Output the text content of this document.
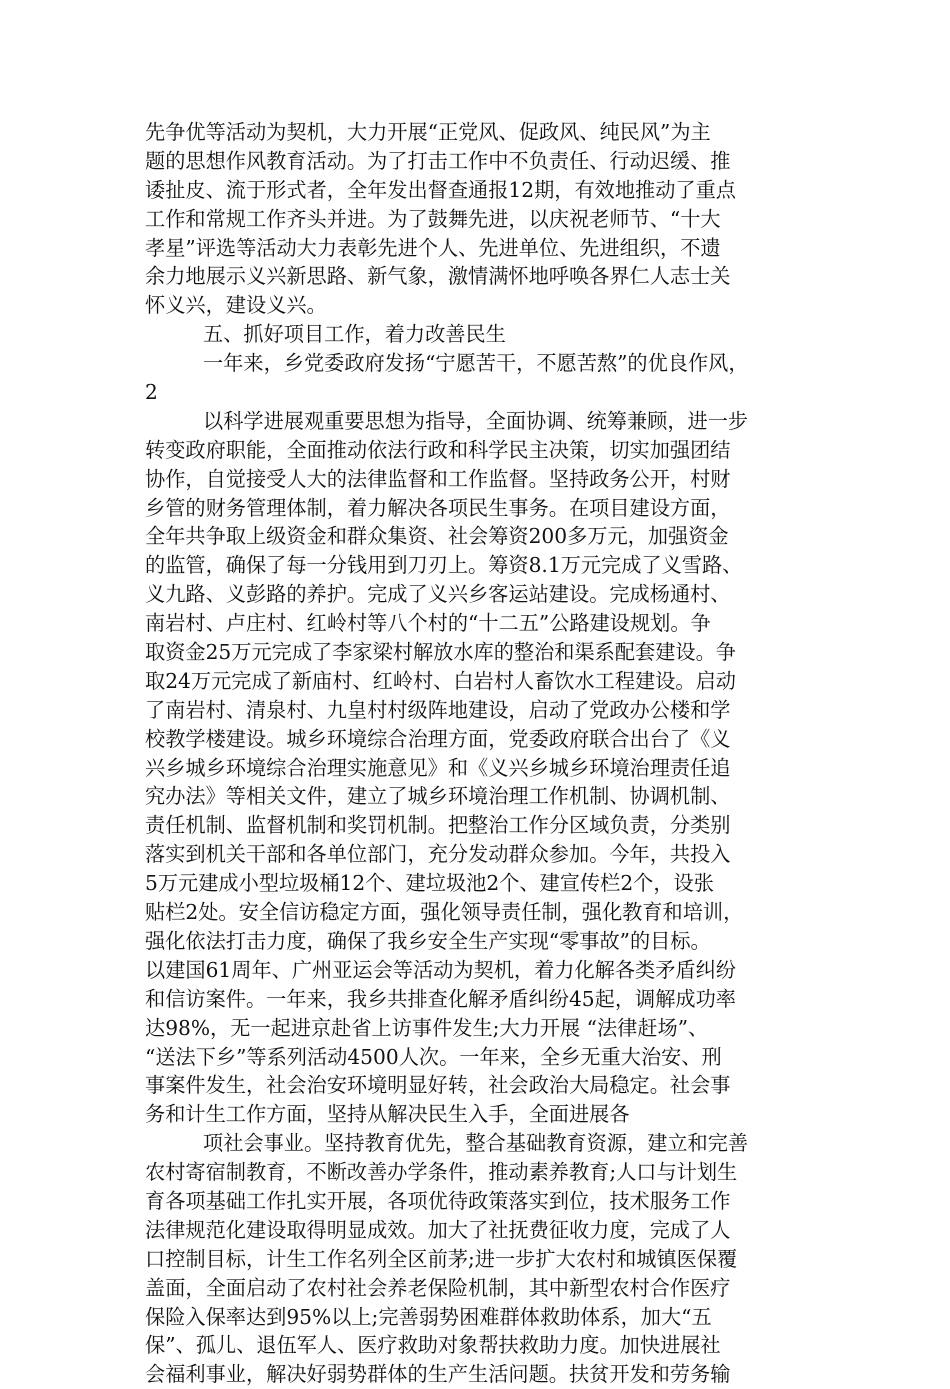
先争优等活动为契机，大力开展“正党风、促政风、纯民风”为主
题的思想作风教育活动。为了打击工作中不负责任、行动迟缓、推
诿扯皮、流于形式者，全年发出督查通报12期，有效地推动了重点
工作和常规工作齐头并进。为了鼓舞先进，以庆祝老师节、“十大
孝星”评选等活动大力表彰先进个人、先进单位、先进组织，不遗
余力地展示义兴新思路、新气象，激情满怀地呼唤各界仁人志士关
怀义兴，建设义兴。
五、抓好项目工作，着力改善民生
一年来，乡党委政府发扬“宁愿苦干，不愿苦熬”的优良作风，
2
以科学进展观重要思想为指导，全面协调、统筹兼顾，进一步
转变政府职能，全面推动依法行政和科学民主决策，切实加强团结
协作，自觉接受人大的法律监督和工作监督。坚持政务公开，村财
乡管的财务管理体制，着力解决各项民生事务。在项目建设方面，
全年共争取上级资金和群众集资、社会筹资200多万元，加强资金
的监管，确保了每一分钱用到刀刃上。筹资8.1万元完成了义雪路、
义九路、义彭路的养护。完成了义兴乡客运站建设。完成杨通村、
南岩村、卢庄村、红岭村等八个村的“十二五”公路建设规划。争
取资金25万元完成了李家梁村解放水库的整治和渠系配套建设。争
取24万元完成了新庙村、红岭村、白岩村人畜饮水工程建设。启动
了南岩村、清泉村、九皇村村级阵地建设，启动了党政办公楼和学
校教学楼建设。城乡环境综合治理方面，党委政府联合出台了《义
兴乡城乡环境综合治理实施意见》和《义兴乡城乡环境治理责任追
究办法》等相关文件，建立了城乡环境治理工作机制、协调机制、
责任机制、监督机制和奖罚机制。把整治工作分区域负责，分类别
落实到机关干部和各单位部门，充分发动群众参加。今年，共投入
5万元建成小型垃圾桶12个、建垃圾池2个、建宣传栏2个，设张
贴栏2处。安全信访稳定方面，强化领导责任制，强化教育和培训，
强化依法打击力度，确保了我乡安全生产实现“零事故”的目标。
以建国61周年、广州亚运会等活动为契机，着力化解各类矛盾纠纷
和信访案件。一年来，我乡共排查化解矛盾纠纷45起，调解成功率
达98%，无一起进京赴省上访事件发生;大力开展 “法律赶场”、
“送法下乡”等系列活动4500人次。一年来，全乡无重大治安、刑
事案件发生，社会治安环境明显好转，社会政治大局稳定。社会事
务和计生工作方面，坚持从解决民生入手，全面进展各
项社会事业。坚持教育优先，整合基础教育资源，建立和完善
农村寄宿制教育，不断改善办学条件，推动素养教育;人口与计划生
育各项基础工作扎实开展，各项优待政策落实到位，技术服务工作
法律规范化建设取得明显成效。加大了社抚费征收力度，完成了人
口控制目标，计生工作名列全区前茅;进一步扩大农村和城镇医保覆
盖面，全面启动了农村社会养老保险机制，其中新型农村合作医疗
保险入保率达到95%以上;完善弱势困难群体救助体系，加大“五
保”、孤儿、退伍军人、医疗救助对象帮扶救助力度。加快进展社
会福利事业，解决好弱势群体的生产生活问题。扶贫开发和劳务输
